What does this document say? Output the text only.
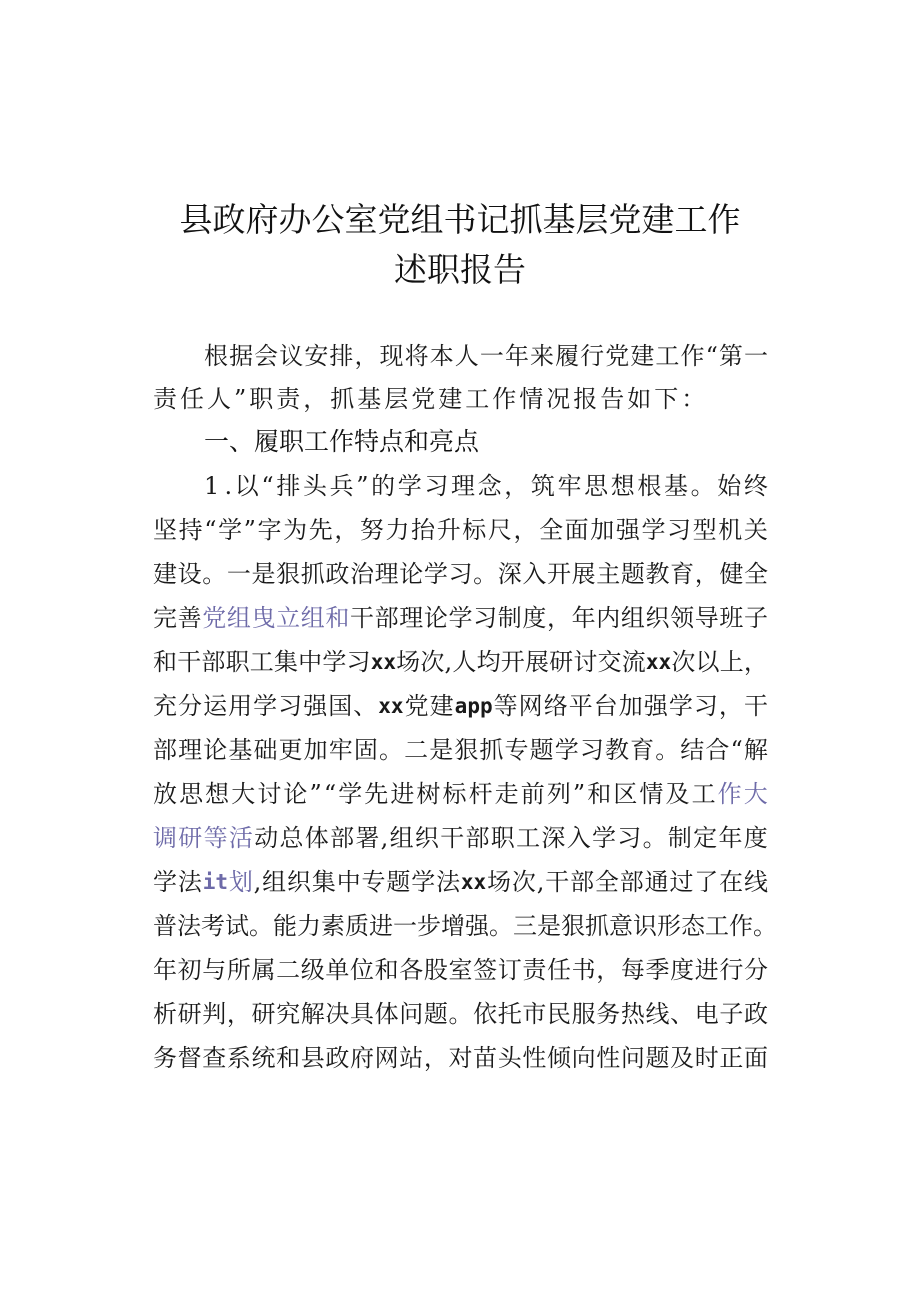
县政府办公室党组书记抓基层党建工作
述职报告
根 据 会 议 安 排 ， 现 将 本 人 一 年 来 履 行 党 建 工 作 “ 第 一
责任人”职责，抓基层党建工作情况报告如下：
一、履职工作特点和亮点
1 . 以 “ 排 头 兵 ” 的 学 习 理 念 ， 筑 牢 思 想 根 基 。 始 终
坚 持 “ 学 ” 字 为 先 ， 努 力 抬 升 标 尺 ， 全 面 加 强 学 习 型 机 关
建 设 。 一 是 狠 抓 政 治 理 论 学 习 。 深 入 开 展 主 题 教 育 ， 健 全
完 善 党 组 曳 立 组 和 干 部 理 论 学 习 制 度 ， 年 内 组 织 领 导 班 子
和 干 部 职 工 集 中 学 习 xx 场 次 , 人 均 开 展 研 讨 交 流 xx 次 以 上 ，
充 分 运 用 学 习 强 国 、 xx 党 建 app 等 网 络 平 台 加 强 学 习 ， 干
部 理 论 基 础 更 加 牢 固 。 二 是 狠 抓 专 题 学 习 教 育 。 结 合 “ 解
放 思 想 大 讨 论 ” “ 学 先 进 树 标 杆 走 前 列 ” 和 区 情 及 工 作 大
调 研 等 活 动 总 体 部 署 , 组 织 干 部 职 工 深 入 学 习 。 制 定 年 度
学 法 it 划 , 组 织 集 中 专 题 学 法 xx 场 次 , 干 部 全 部 通 过 了 在 线
普 法 考 试 。 能 力 素 质 进 一 步 增 强 。 三 是 狠 抓 意 识 形 态 工 作 。
年 初 与 所 属 二 级 单 位 和 各 股 室 签 订 责 任 书 ， 每 季 度 进 行 分
析 研 判 ， 研 究 解 决 具 体 问 题 。 依 托 市 民 服 务 热 线 、 电 子 政
务 督 查 系 统 和 县 政 府 网 站 ， 对 苗 头 性 倾 向 性 问 题 及 时 正 面
